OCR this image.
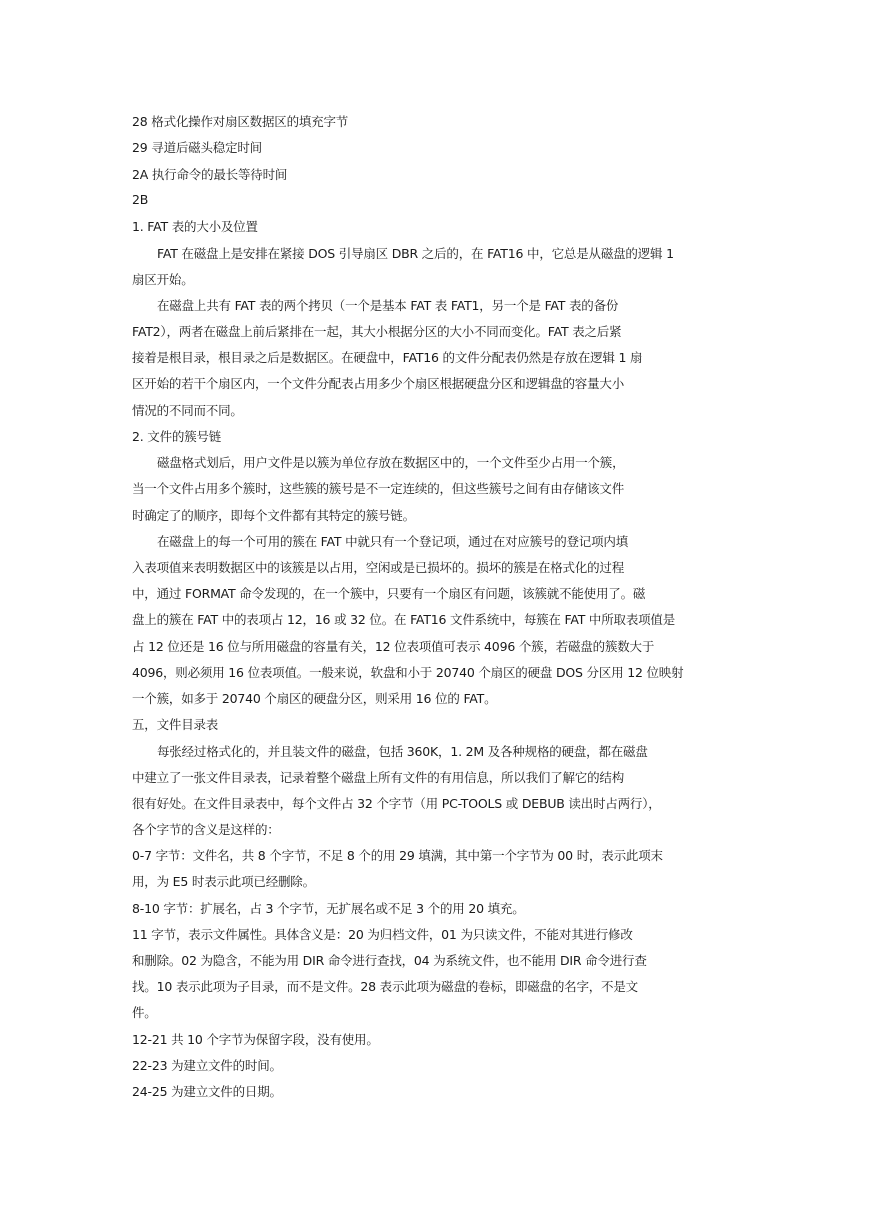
28 格式化操作对扇区数据区的填充字节
29 寻道后磁头稳定时间
2A 执行命令的最长等待时间
2B
1. FAT 表的大小及位置
FAT 在磁盘上是安排在紧接 DOS 引导扇区 DBR 之后的，在 FAT16 中，它总是从磁盘的逻辑 1
扇区开始。
在磁盘上共有 FAT 表的两个拷贝（一个是基本 FAT 表 FAT1，另一个是 FAT 表的备份
FAT2），两者在磁盘上前后紧排在一起，其大小根据分区的大小不同而变化。FAT 表之后紧
接着是根目录，根目录之后是数据区。在硬盘中，FAT16 的文件分配表仍然是存放在逻辑 1 扇
区开始的若干个扇区内，一个文件分配表占用多少个扇区根据硬盘分区和逻辑盘的容量大小
情况的不同而不同。
2. 文件的簇号链
磁盘格式划后，用户文件是以簇为单位存放在数据区中的，一个文件至少占用一个簇，
当一个文件占用多个簇时，这些簇的簇号是不一定连续的，但这些簇号之间有由存储该文件
时确定了的顺序，即每个文件都有其特定的簇号链。
在磁盘上的每一个可用的簇在 FAT 中就只有一个登记项，通过在对应簇号的登记项内填
入表项值来表明数据区中的该簇是以占用，空闲或是已损坏的。损坏的簇是在格式化的过程
中，通过 FORMAT 命令发现的，在一个簇中，只要有一个扇区有问题，该簇就不能使用了。磁
盘上的簇在 FAT 中的表项占 12，16 或 32 位。在 FAT16 文件系统中，每簇在 FAT 中所取表项值是
占 12 位还是 16 位与所用磁盘的容量有关，12 位表项值可表示 4096 个簇，若磁盘的簇数大于
4096，则必须用 16 位表项值。一般来说，软盘和小于 20740 个扇区的硬盘 DOS 分区用 12 位映射
一个簇，如多于 20740 个扇区的硬盘分区，则采用 16 位的 FAT。
五，文件目录表
每张经过格式化的，并且装文件的磁盘，包括 360K，1. 2M 及各种规格的硬盘，都在磁盘
中建立了一张文件目录表，记录着整个磁盘上所有文件的有用信息，所以我们了解它的结构
很有好处。在文件目录表中，每个文件占 32 个字节（用 PC-TOOLS 或 DEBUB 读出时占两行），
各个字节的含义是这样的：
0-7 字节：文件名，共 8 个字节，不足 8 个的用 29 填满，其中第一个字节为 00 时，表示此项末
用，为 E5 时表示此项已经删除。
8-10 字节：扩展名，占 3 个字节，无扩展名或不足 3 个的用 20 填充。
11 字节，表示文件属性。具体含义是：20 为归档文件，01 为只读文件，不能对其进行修改
和删除。02 为隐含，不能为用 DIR 命令进行查找，04 为系统文件，也不能用 DIR 命令进行查
找。10 表示此项为子目录，而不是文件。28 表示此项为磁盘的卷标，即磁盘的名字，不是文
件。
12-21 共 10 个字节为保留字段，没有使用。
22-23 为建立文件的时间。
24-25 为建立文件的日期。
